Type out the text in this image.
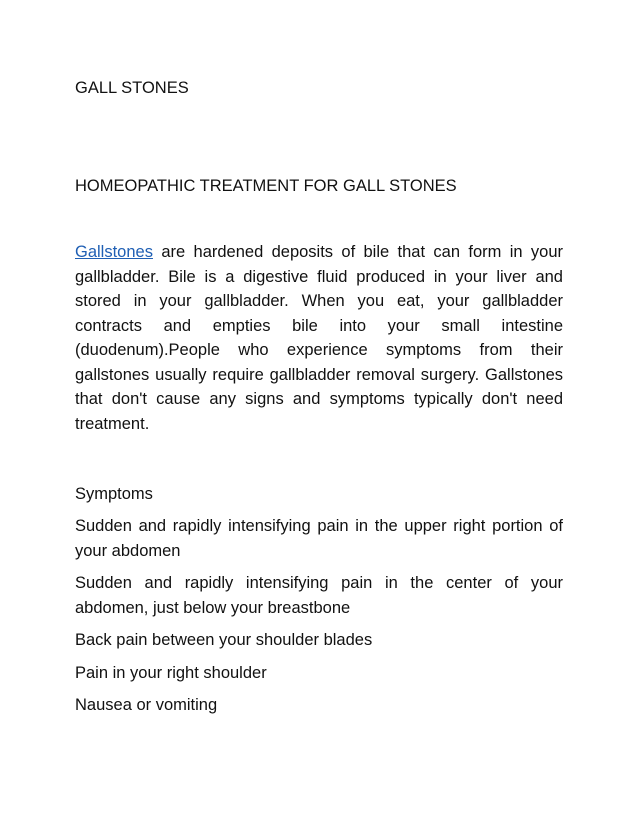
GALL STONES
HOMEOPATHIC TREATMENT FOR GALL STONES

Gallstones are hardened deposits of bile that can form in your gallbladder. Bile is a digestive fluid produced in your liver and stored in your gallbladder. When you eat, your gallbladder contracts and empties bile into your small intestine (duodenum).People who experience symptoms from their gallstones usually require gallbladder removal surgery. Gallstones that don't cause any signs and symptoms typically don't need treatment.

Symptoms

Sudden and rapidly intensifying pain in the upper right portion of your abdomen
Sudden and rapidly intensifying pain in the center of your abdomen, just below your breastbone
Back pain between your shoulder blades
Pain in your right shoulder
Nausea or vomiting
